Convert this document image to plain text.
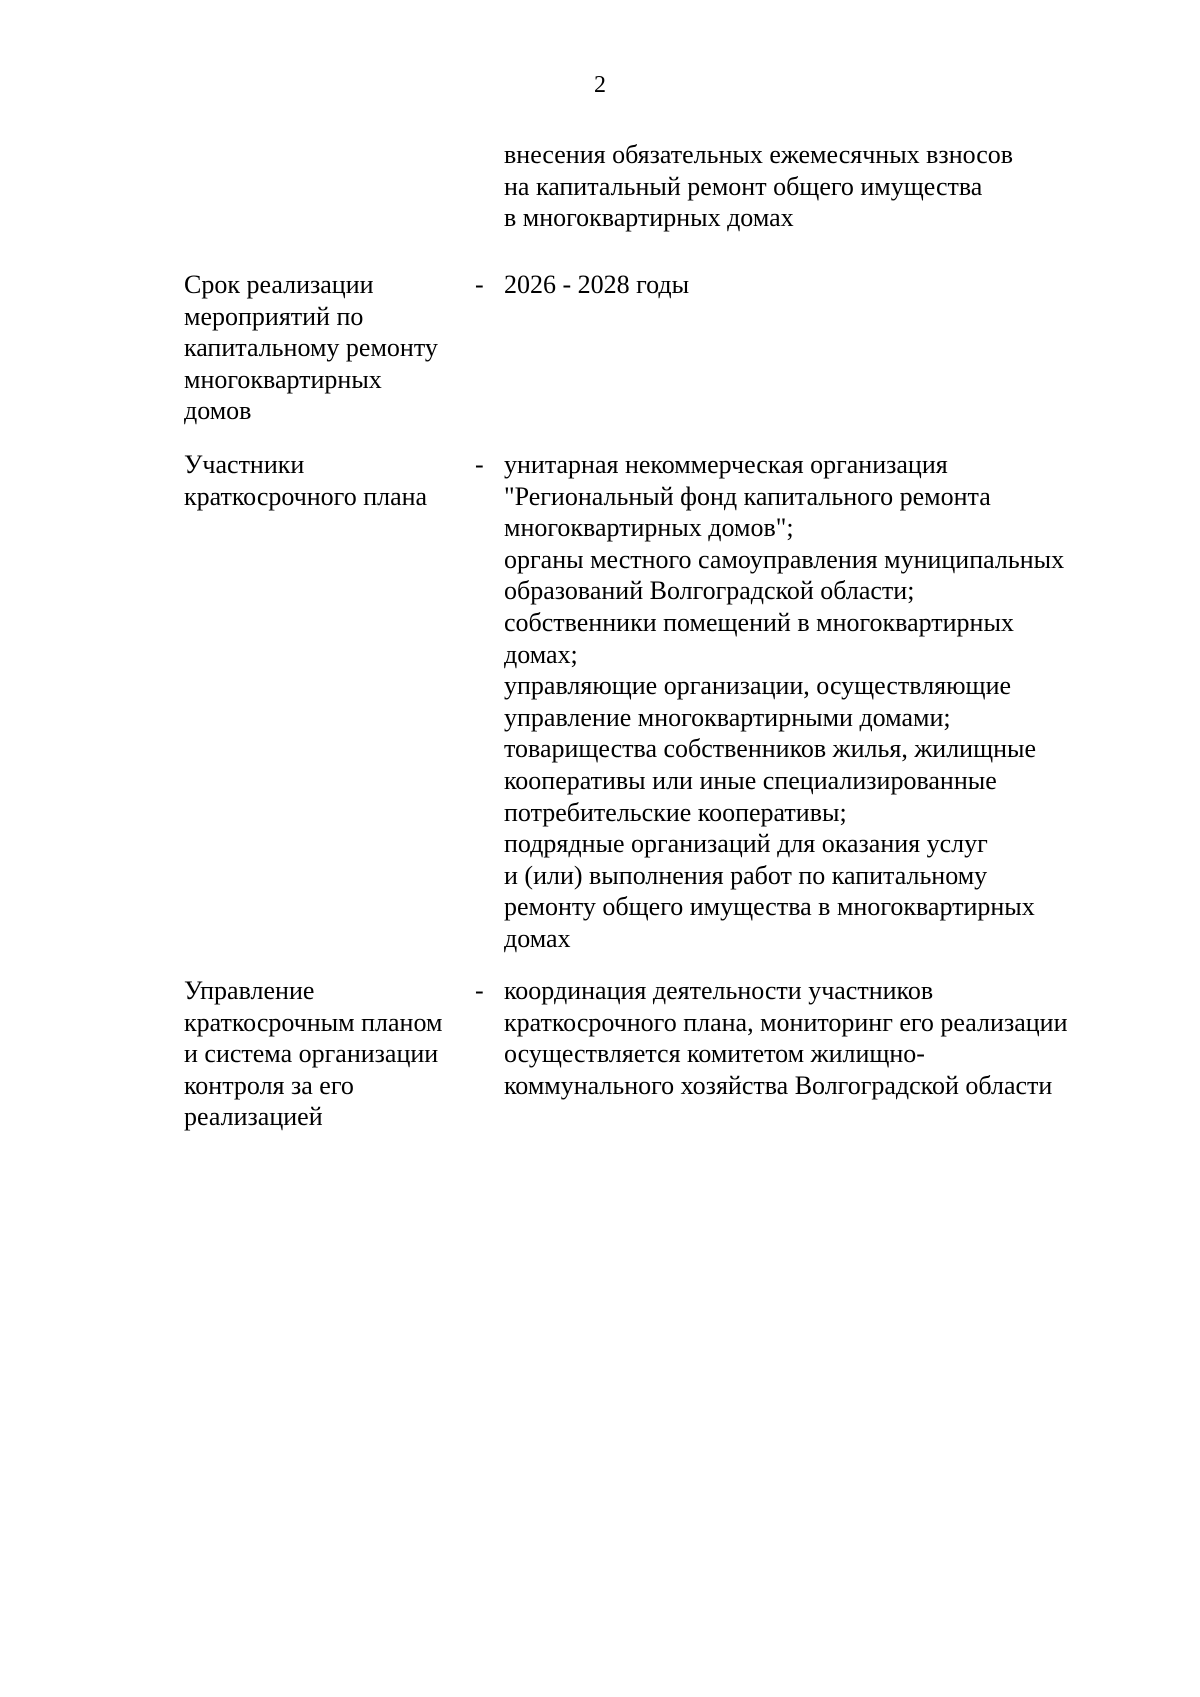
2
внесения обязательных ежемесячных взносов
на капитальный ремонт общего имущества
в многоквартирных домах
Срок реализации
мероприятий по
капитальному ремонту
многоквартирных
домов
- 2026 - 2028 годы
Участники
краткосрочного плана
- унитарная некоммерческая организация
"Региональный фонд капитального ремонта
многоквартирных домов";
органы местного самоуправления муниципальных
образований Волгоградской области;
собственники помещений в многоквартирных
домах;
управляющие организации, осуществляющие
управление многоквартирными домами;
товарищества собственников жилья, жилищные
кооперативы или иные специализированные
потребительские кооперативы;
подрядные организаций для оказания услуг
и (или) выполнения работ по капитальному
ремонту общего имущества в многоквартирных
домах
Управление
краткосрочным планом
и система организации
контроля за его
реализацией
- координация деятельности участников
краткосрочного плана, мониторинг его реализации
осуществляется комитетом жилищно-
коммунального хозяйства Волгоградской области
